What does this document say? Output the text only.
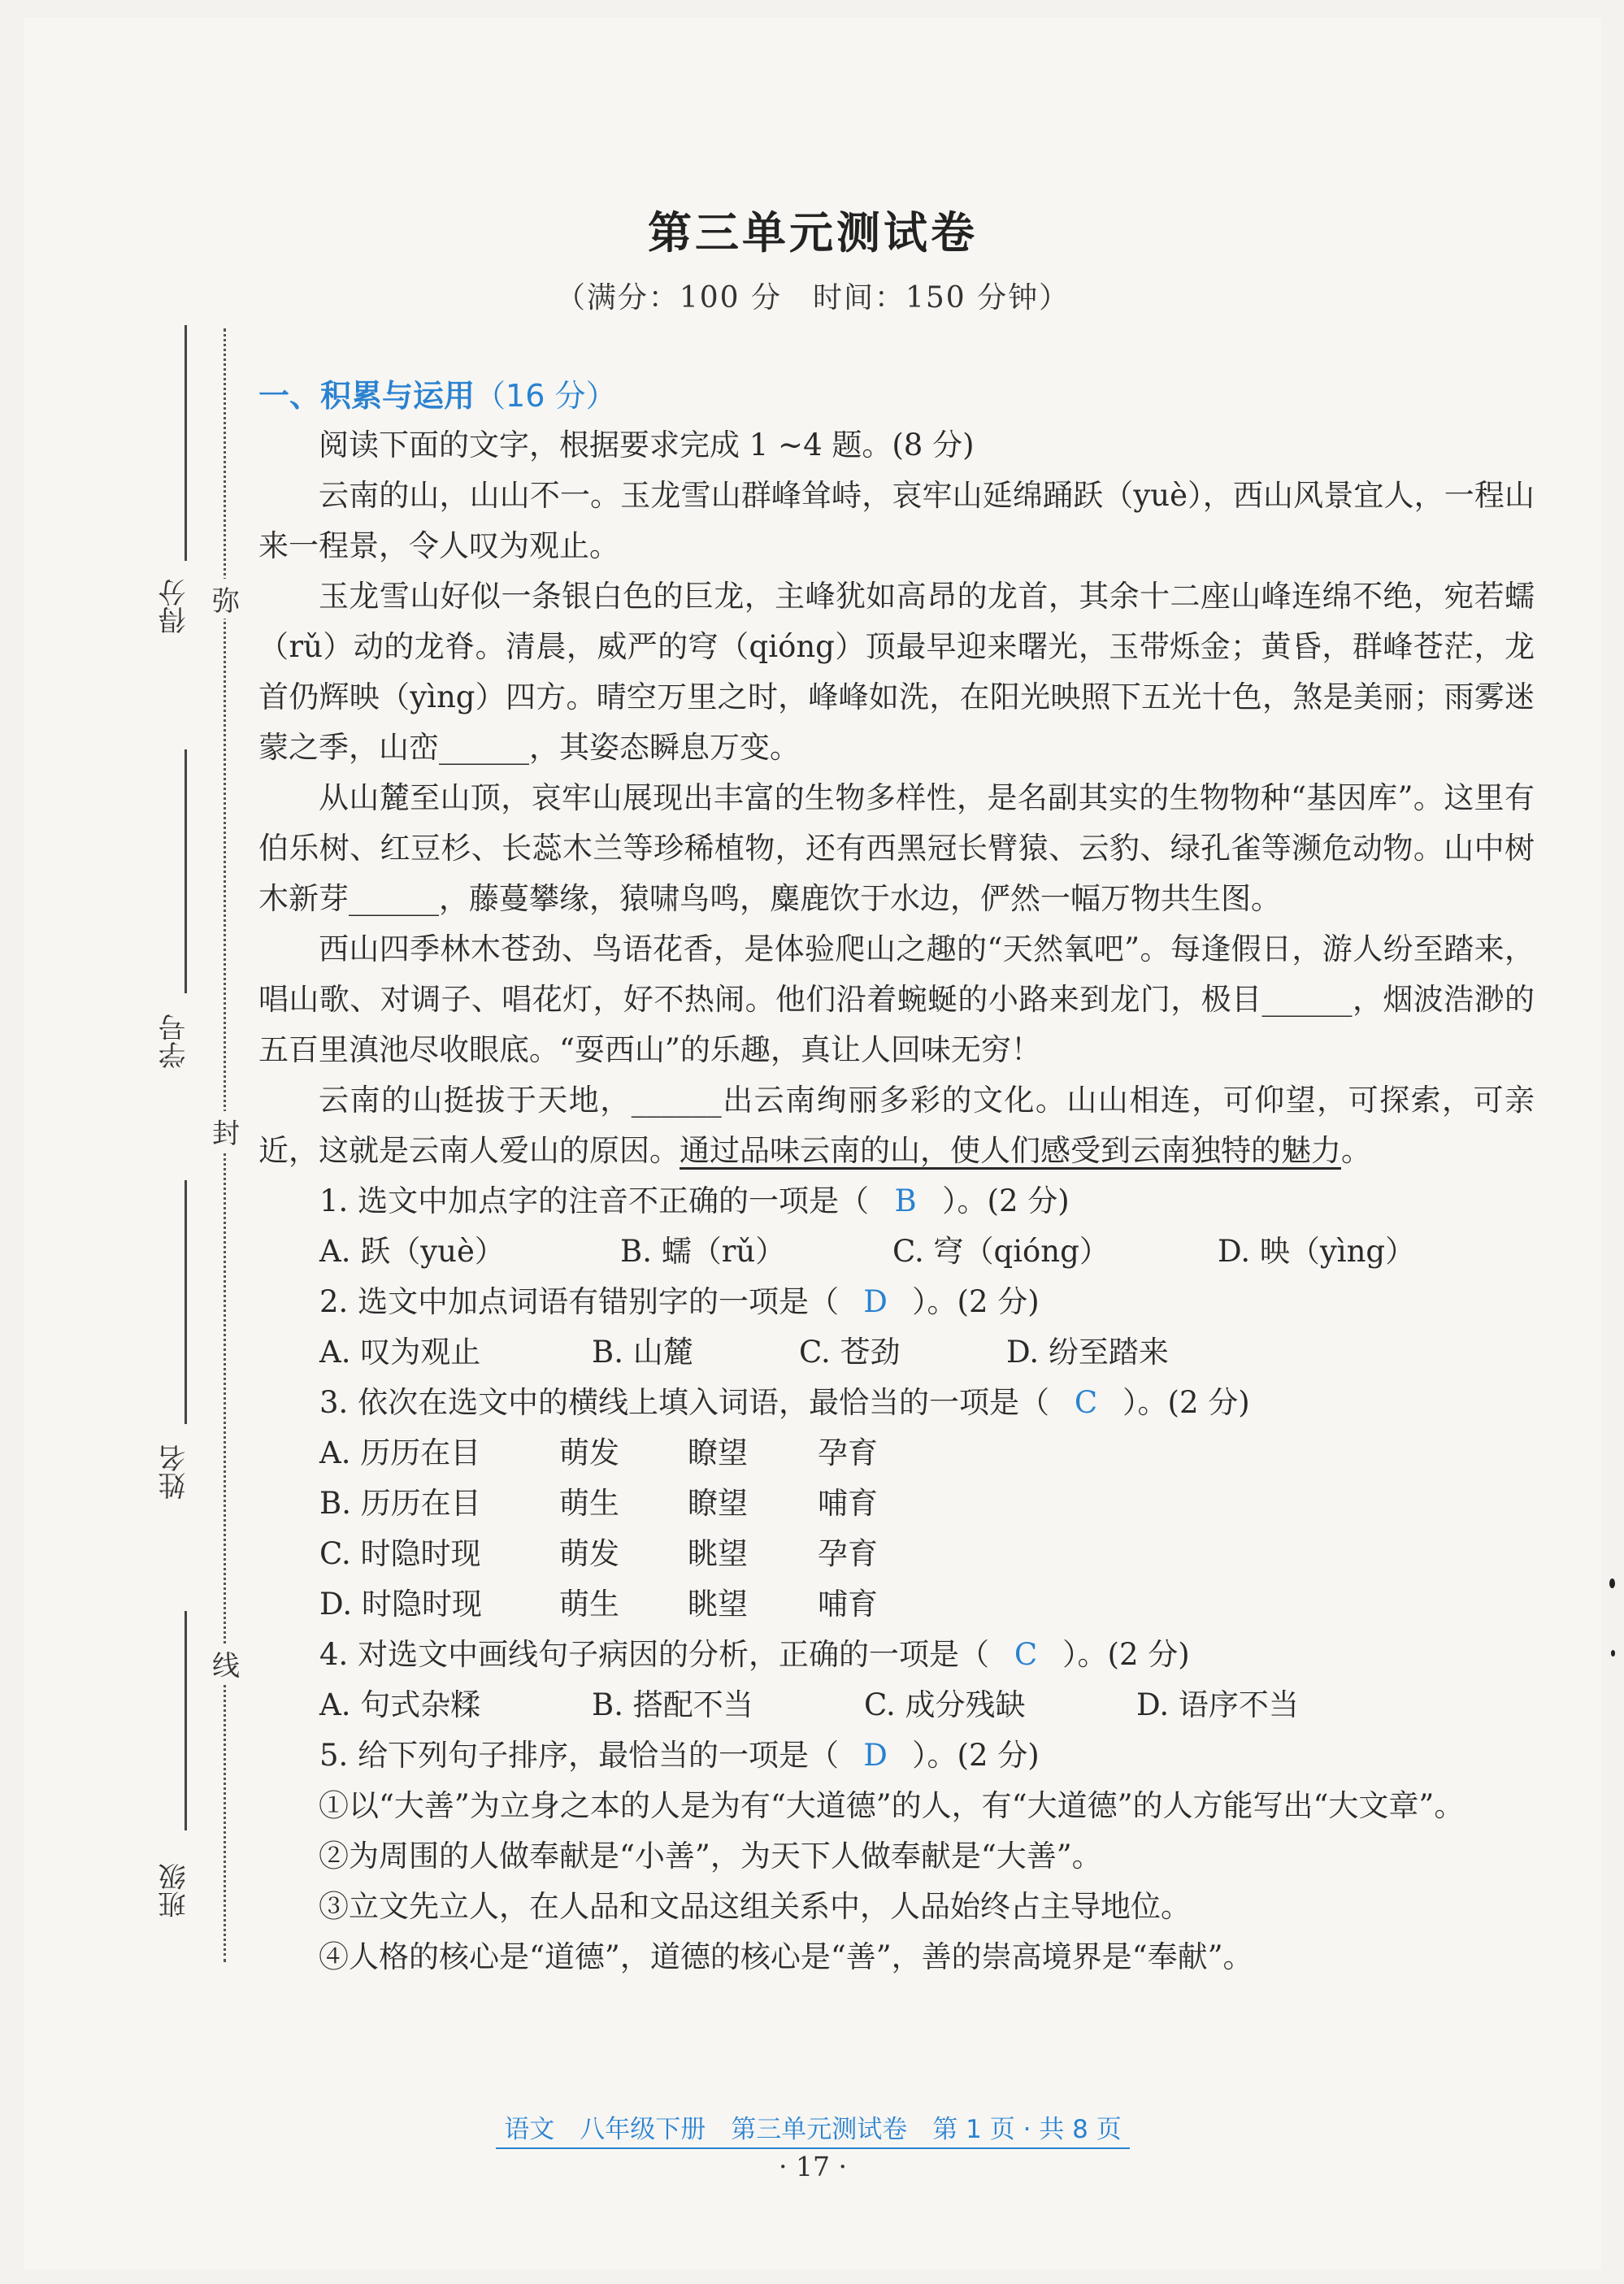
得分
学号
姓名
班级
弥
封
线
第三单元测试卷
（满分：100 分　时间：150 分钟）
一、积累与运用（16 分）

阅读下面的文字，根据要求完成 1 ~4 题。(8 分)

云南的山，山山不一。玉龙雪山群峰耸峙，哀牢山延绵踊跃（yuè），西山风景宜人，一程山来一程景，令人叹为观止。

玉龙雪山好似一条银白色的巨龙，主峰犹如高昂的龙首，其余十二座山峰连绵不绝，宛若蠕（rǔ）动的龙脊。清晨，威严的穹（qióng）顶最早迎来曙光，玉带烁金；黄昏，群峰苍茫，龙首仍辉映（yìng）四方。晴空万里之时，峰峰如洗，在阳光映照下五光十色，煞是美丽；雨雾迷蒙之季，山峦______，其姿态瞬息万变。

从山麓至山顶，哀牢山展现出丰富的生物多样性，是名副其实的生物物种“基因库”。这里有伯乐树、红豆杉、长蕊木兰等珍稀植物，还有西黑冠长臂猿、云豹、绿孔雀等濒危动物。山中树木新芽______，藤蔓攀缘，猿啸鸟鸣，麋鹿饮于水边，俨然一幅万物共生图。

西山四季林木苍劲、鸟语花香，是体验爬山之趣的“天然氧吧”。每逢假日，游人纷至踏来，唱山歌、对调子、唱花灯，好不热闹。他们沿着蜿蜒的小路来到龙门，极目______，烟波浩渺的五百里滇池尽收眼底。“耍西山”的乐趣，真让人回味无穷！

云南的山挺拔于天地，______出云南绚丽多彩的文化。山山相连，可仰望，可探索，可亲近，这就是云南人爱山的原因。通过品味云南的山，使人们感受到云南独特的魅力。

1. 选文中加点字的注音不正确的一项是（ B ）。(2 分)

A. 跃（yuè）	B. 蠕（rǔ）	C. 穹（qióng）	D. 映（yìng）

2. 选文中加点词语有错别字的一项是（ D ）。(2 分)

A. 叹为观止	B. 山麓	C. 苍劲	D. 纷至踏来

3. 依次在选文中的横线上填入词语，最恰当的一项是（ C ）。(2 分)

A. 历历在目	萌发	瞭望	孕育
B. 历历在目	萌生	瞭望	哺育
C. 时隐时现	萌发	眺望	孕育
D. 时隐时现	萌生	眺望	哺育

4. 对选文中画线句子病因的分析，正确的一项是（ C ）。(2 分)

A. 句式杂糅	B. 搭配不当	C. 成分残缺	D. 语序不当

5. 给下列句子排序，最恰当的一项是（ D ）。(2 分)

①以“大善”为立身之本的人是为有“大道德”的人，有“大道德”的人方能写出“大文章”。

②为周围的人做奉献是“小善”，为天下人做奉献是“大善”。

③立文先立人，在人品和文品这组关系中，人品始终占主导地位。

④人格的核心是“道德”，道德的核心是“善”，善的崇高境界是“奉献”。

语文　八年级下册　第三单元测试卷　第 1 页 · 共 8 页
· 17 ·
